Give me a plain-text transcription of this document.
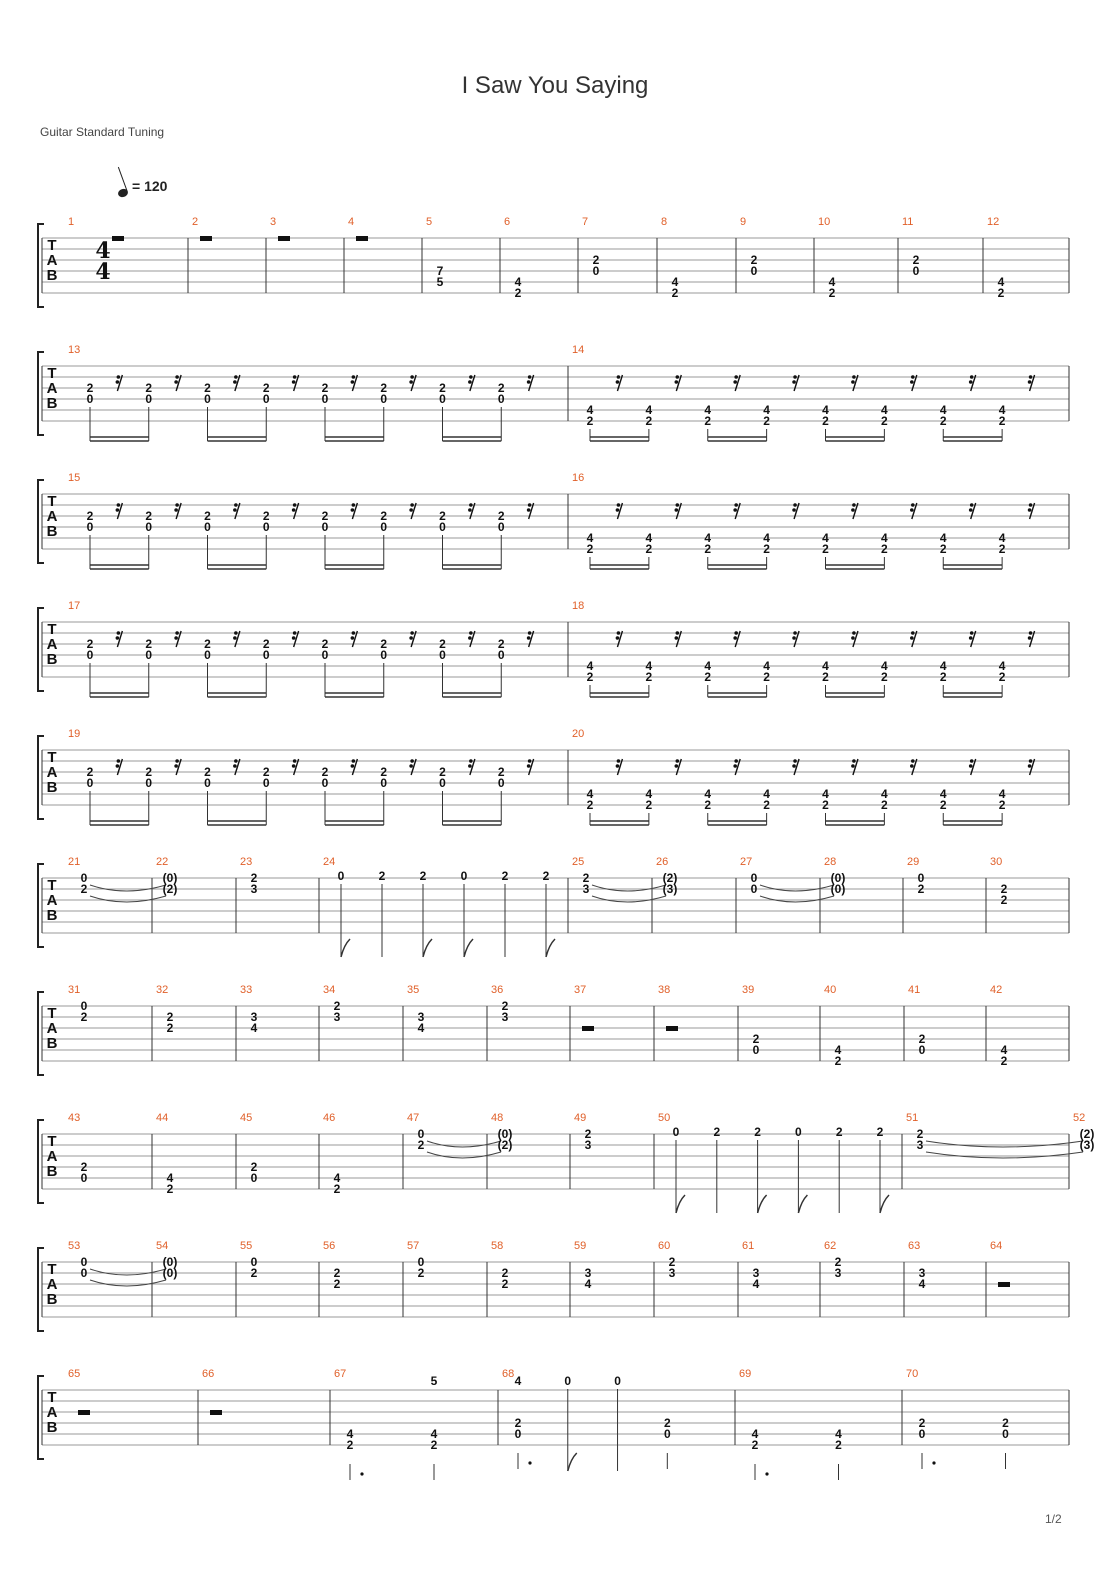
I Saw You Saying
Guitar Standard Tuning
= 120
T
A
B
4
4
1	2	3	4	5
7
5
6
4
2
7
2
0
8
4
2
9
2
0
10
4
2
11
2
0
12
4
2
T
A
B
13
2
0
2
0
2
0
2
0
2
0
2
0
2
0
2
0
14
4
2
4
2
4
2
4
2
4
2
4
2
4
2
4
2
T
A
B
15
2
0
2
0
2
0
2
0
2
0
2
0
2
0
2
0
16
4
2
4
2
4
2
4
2
4
2
4
2
4
2
4
2
T
A
B
17
2
0
2
0
2
0
2
0
2
0
2
0
2
0
2
0
18
4
2
4
2
4
2
4
2
4
2
4
2
4
2
4
2
T
A
B
19
2
0
2
0
2
0
2
0
2
0
2
0
2
0
2
0
20
4
2
4
2
4
2
4
2
4
2
4
2
4
2
4
2
T
A
B
21
0
2
22
(0)
(2)
23
2
3
24
0	2	2	0	2	2
25
2
3
26
(2)
(3)
27
0
0
28
(0)
(0)
29
0
2
30
2
2
T
A
B
31
0
2
32
2
2
33
3
4
34
2
3
35
3
4
36
2
3
37	38	39
2
0
40
4
2
41
2
0
42
4
2
T
A
B
43
2
0
44
4
2
45
2
0
46
4
2
47
0
2
48
(0)
(2)
49
2
3
50
0	2	2	0	2	2
51
2
3
52
(2)
(3)
T
A
B
53
0
0
54
(0)
(0)
55
0
2
56
2
2
57
0
2
58
2
2
59
3
4
60
2
3
61
3
4
62
2
3
63
3
4
64
T
A
B
65	66	67
4
2
4
2
5	68
2
0
4	0	0
2
0
69
4
2
4
2
70
2
0
2
0
1/2
